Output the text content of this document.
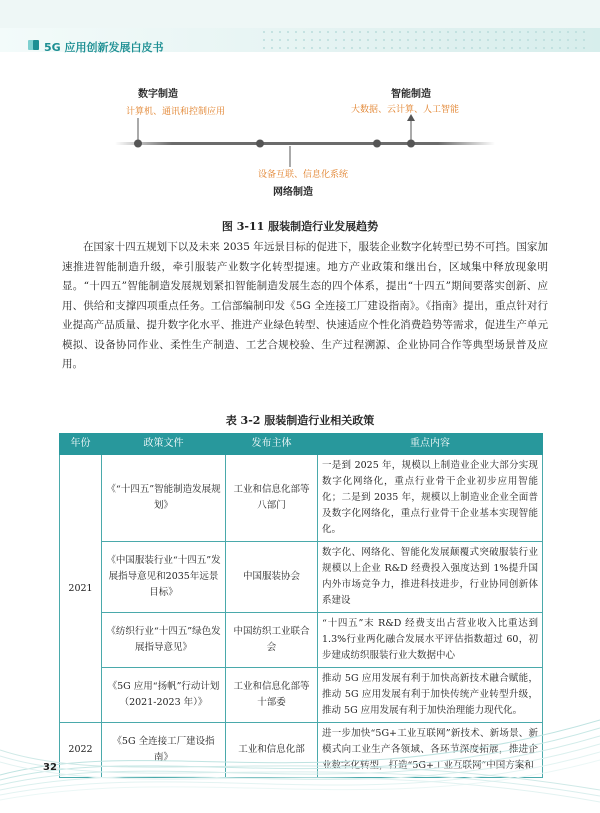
5G 应用创新发展白皮书
数字制造
计算机、通讯和控制应用
设备互联、信息化系统
网络制造
智能制造
大数据、云计算、人工智能
图 3-11 服装制造行业发展趋势

在国家十四五规划下以及未来 2035 年远景目标的促进下，服装企业数字化转型已势不可挡。国家加速推进智能制造升级，牵引服装产业数字化转型提速。地方产业政策和继出台，区域集中释放现象明显。“十四五”智能制造发展规划紧扣智能制造发展生态的四个体系，提出“十四五”期间要落实创新、应用、供给和支撑四项重点任务。工信部编制印发《5G 全连接工厂建设指南》。《指南》提出，重点针对行业提高产品质量、提升数字化水平、推进产业绿色转型、快速适应个性化消费趋势等需求，促进生产单元模拟、设备协同作业、柔性生产制造、工艺合规校验、生产过程溯源、企业协同合作等典型场景普及应用。

表 3-2 服装制造行业相关政策
年份	政策文件	发布主体	重点内容
2021	《“十四五”智能制造发展规划》	工业和信息化部等八部门	一是到 2025 年，规模以上制造业企业大部分实现数字化网络化，重点行业骨干企业初步应用智能化；二是到 2035 年，规模以上制造业企业全面普及数字化网络化，重点行业骨干企业基本实现智能化。
	《中国服装行业“十四五”发展指导意见和2035年远景目标》	中国服装协会	数字化、网络化、智能化发展颠覆式突破服装行业规模以上企业 R&D 经费投入强度达到 1%提升国内外市场竞争力，推进科技进步，行业协同创新体系建设
	《纺织行业“十四五”绿色发展指导意见》	中国纺织工业联合会	“十四五”末 R&D 经费支出占营业收入比重达到 1.3%行业两化融合发展水平评估指数超过 60，初步建成纺织服装行业大数据中心
	《5G 应用“扬帆”行动计划（2021-2023 年）》	工业和信息化部等十部委	推动 5G 应用发展有利于加快高新技术融合赋能，推动 5G 应用发展有利于加快传统产业转型升级，推动 5G 应用发展有利于加快治理能力现代化。
2022	《5G 全连接工厂建设指南》	工业和信息化部	进一步加快“5G+工业互联网”新技术、新场景、新模式向工业生产各领域、各环节深度拓展，推进企业数字化转型，打造“5G+工业互联网”中国方案和
32
